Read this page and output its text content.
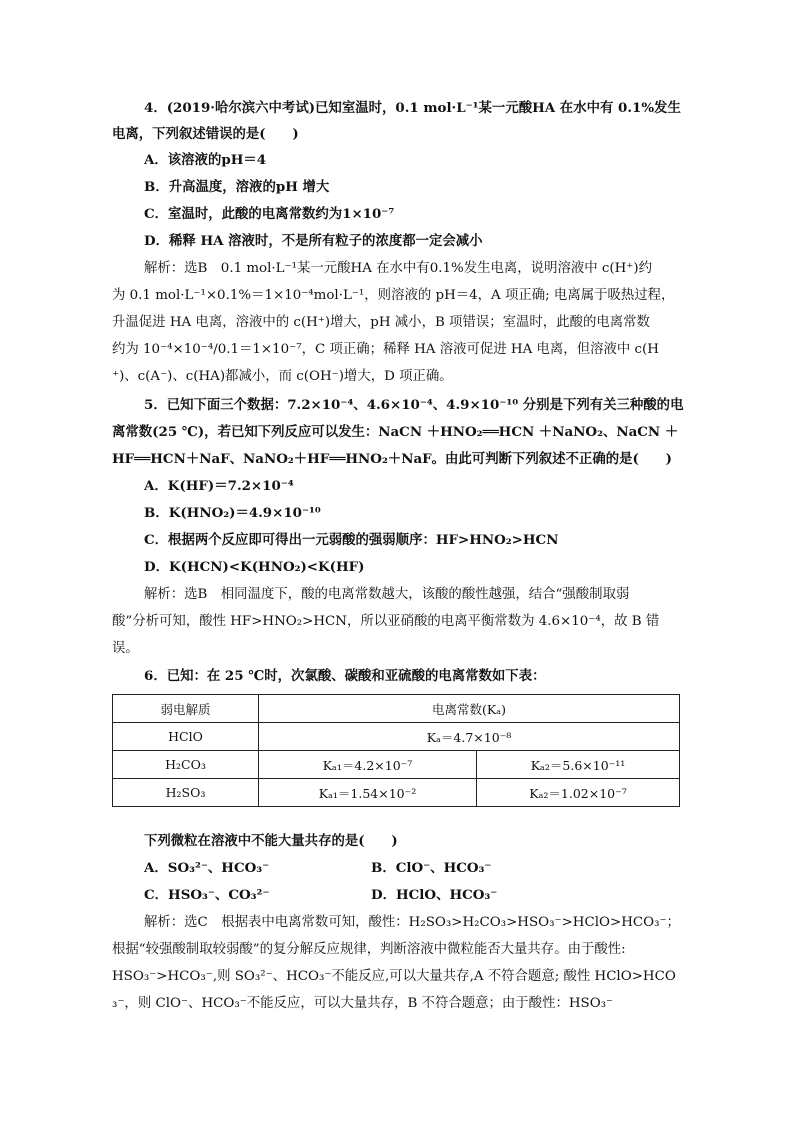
4．(2019·哈尔滨六中考试)已知室温时，0.1 mol·L⁻¹某一元酸HA 在水中有 0.1%发生
电离，下列叙述错误的是(　　)
A．该溶液的pH＝4
B．升高温度，溶液的pH 增大
C．室温时，此酸的电离常数约为1×10⁻⁷
D．稀释 HA 溶液时，不是所有粒子的浓度都一定会减小
解析：选B　0.1 mol·L⁻¹某一元酸HA 在水中有0.1%发生电离，说明溶液中 c(H⁺)约
为 0.1 mol·L⁻¹×0.1%＝1×10⁻⁴mol·L⁻¹，则溶液的 pH＝4，A 项正确; 电离属于吸热过程，
升温促进 HA 电离，溶液中的 c(H⁺)增大，pH 减小，B 项错误；室温时，此酸的电离常数
约为 10⁻⁴×10⁻⁴/0.1＝1×10⁻⁷，C 项正确；稀释 HA 溶液可促进 HA 电离，但溶液中 c(H
⁺)、c(A⁻)、c(HA)都减小，而 c(OH⁻)增大，D 项正确。
5．已知下面三个数据：7.2×10⁻⁴、4.6×10⁻⁴、4.9×10⁻¹⁰ 分别是下列有关三种酸的电
离常数(25 ℃)，若已知下列反应可以发生：NaCN ＋HNO₂══HCN ＋NaNO₂、NaCN ＋
HF══HCN＋NaF、NaNO₂＋HF══HNO₂＋NaF。由此可判断下列叙述不正确的是(　　)
A．K(HF)＝7.2×10⁻⁴
B．K(HNO₂)＝4.9×10⁻¹⁰
C．根据两个反应即可得出一元弱酸的强弱顺序：HF>HNO₂>HCN
D．K(HCN)<K(HNO₂)<K(HF)
解析：选B　相同温度下，酸的电离常数越大，该酸的酸性越强，结合“强酸制取弱
酸”分析可知，酸性 HF>HNO₂>HCN，所以亚硝酸的电离平衡常数为 4.6×10⁻⁴，故 B 错
误。
6．已知：在 25 ℃时，次氯酸、碳酸和亚硫酸的电离常数如下表：
弱电解质	电离常数(Kₐ)	
HClO	Kₐ＝4.7×10⁻⁸	
H₂CO₃	Kₐ₁＝4.2×10⁻⁷	Kₐ₂＝5.6×10⁻¹¹
H₂SO₃	Kₐ₁＝1.54×10⁻²	Kₐ₂＝1.02×10⁻⁷
下列微粒在溶液中不能大量共存的是(　　)
A．SO₃²⁻、HCO₃⁻	B．ClO⁻、HCO₃⁻
C．HSO₃⁻、CO₃²⁻	D．HClO、HCO₃⁻
解析：选C　根据表中电离常数可知，酸性：H₂SO₃>H₂CO₃>HSO₃⁻>HClO>HCO₃⁻；
根据“较强酸制取较弱酸”的复分解反应规律，判断溶液中微粒能否大量共存。由于酸性:
HSO₃⁻>HCO₃⁻,则 SO₃²⁻、HCO₃⁻不能反应,可以大量共存,A 不符合题意; 酸性 HClO>HCO
₃⁻，则 ClO⁻、HCO₃⁻不能反应，可以大量共存，B 不符合题意；由于酸性：HSO₃⁻
